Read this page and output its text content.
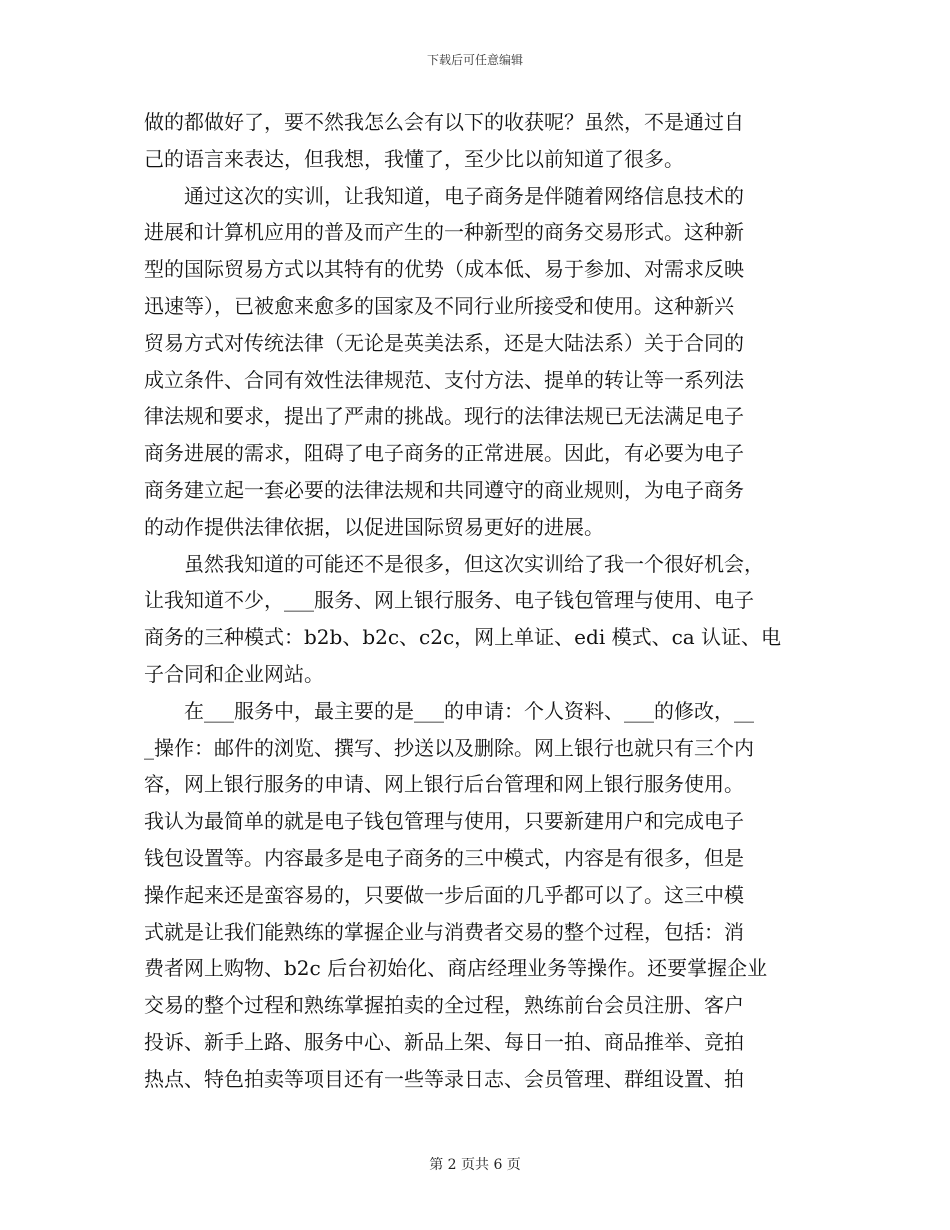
下载后可任意编辑
做的都做好了，要不然我怎么会有以下的收获呢？虽然，不是通过自
己的语言来表达，但我想，我懂了，至少比以前知道了很多。
　　通过这次的实训，让我知道，电子商务是伴随着网络信息技术的
进展和计算机应用的普及而产生的一种新型的商务交易形式。这种新
型的国际贸易方式以其特有的优势（成本低、易于参加、对需求反映
迅速等），已被愈来愈多的国家及不同行业所接受和使用。这种新兴
贸易方式对传统法律（无论是英美法系，还是大陆法系）关于合同的
成立条件、合同有效性法律规范、支付方法、提单的转让等一系列法
律法规和要求，提出了严肃的挑战。现行的法律法规已无法满足电子
商务进展的需求，阻碍了电子商务的正常进展。因此，有必要为电子
商务建立起一套必要的法律法规和共同遵守的商业规则，为电子商务
的动作提供法律依据，以促进国际贸易更好的进展。
　　虽然我知道的可能还不是很多，但这次实训给了我一个很好机会，
让我知道不少，___服务、网上银行服务、电子钱包管理与使用、电子
商务的三种模式：b2b、b2c、c2c，网上单证、edi 模式、ca 认证、电
子合同和企业网站。
　　在___服务中，最主要的是___的申请：个人资料、___的修改，__
_操作：邮件的浏览、撰写、抄送以及删除。网上银行也就只有三个内
容，网上银行服务的申请、网上银行后台管理和网上银行服务使用。
我认为最简单的就是电子钱包管理与使用，只要新建用户和完成电子
钱包设置等。内容最多是电子商务的三中模式，内容是有很多，但是
操作起来还是蛮容易的，只要做一步后面的几乎都可以了。这三中模
式就是让我们能熟练的掌握企业与消费者交易的整个过程，包括：消
费者网上购物、b2c 后台初始化、商店经理业务等操作。还要掌握企业
交易的整个过程和熟练掌握拍卖的全过程，熟练前台会员注册、客户
投诉、新手上路、服务中心、新品上架、每日一拍、商品推举、竞拍
热点、特色拍卖等项目还有一些等录日志、会员管理、群组设置、拍
第 2 页共 6 页
